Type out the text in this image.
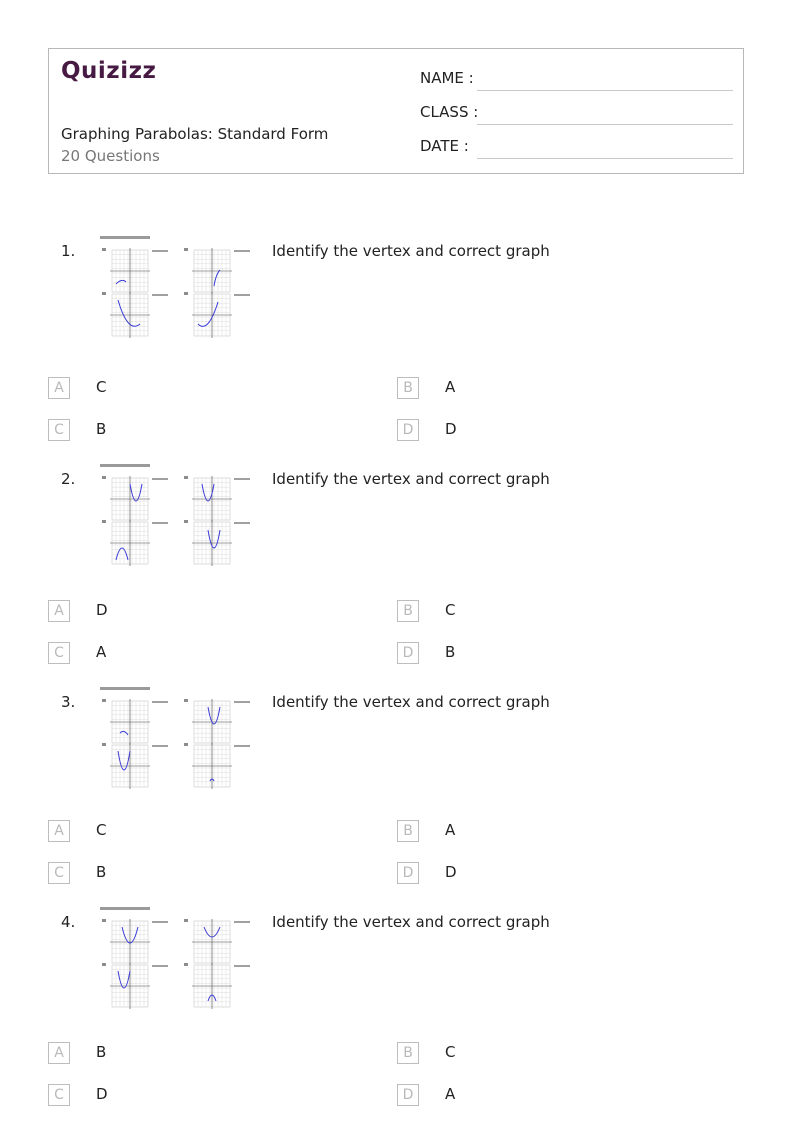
Quizizz
Graphing Parabolas: Standard Form
20 Questions
NAME :
CLASS :
DATE :
1.	Identify the vertex and correct graph
A	C	B	A
C	B	D	D
2.	Identify the vertex and correct graph
A	D	B	C
C	A	D	B
3.	Identify the vertex and correct graph
A	C	B	A
C	B	D	D
4.	Identify the vertex and correct graph
A	B	B	C
C	D	D	A
